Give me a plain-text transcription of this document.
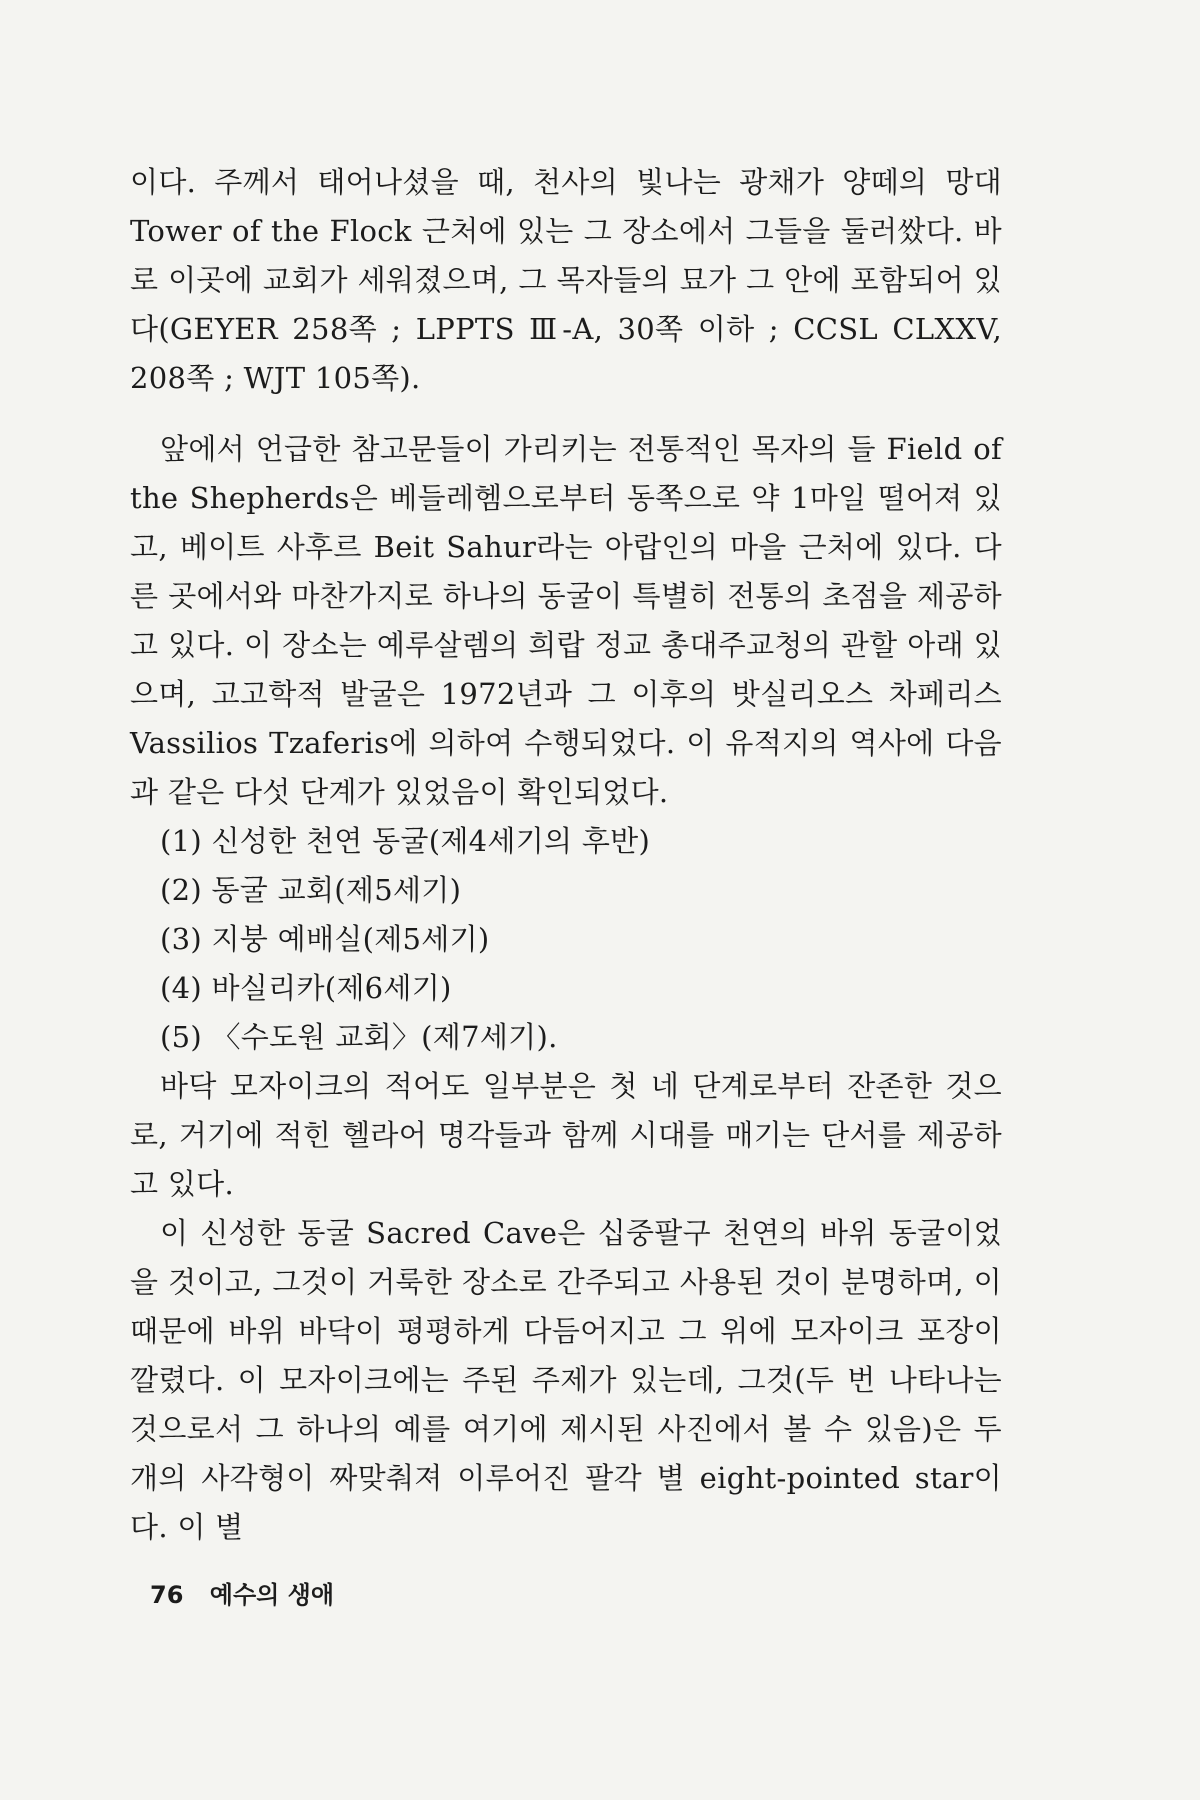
이다. 주께서 태어나셨을 때, 천사의 빛나는 광채가 양떼의 망대 Tower of the Flock 근처에 있는 그 장소에서 그들을 둘러쌌다. 바로 이곳에 교회가 세워졌으며, 그 목자들의 묘가 그 안에 포함되어 있다(GEYER 258쪽 ; LPPTS Ⅲ-A, 30쪽 이하 ; CCSL CLXXV, 208쪽 ; WJT 105쪽).

앞에서 언급한 참고문들이 가리키는 전통적인 목자의 들 Field of the Shepherds은 베들레헴으로부터 동쪽으로 약 1마일 떨어져 있고, 베이트 사후르 Beit Sahur라는 아랍인의 마을 근처에 있다. 다른 곳에서와 마찬가지로 하나의 동굴이 특별히 전통의 초점을 제공하고 있다. 이 장소는 예루살렘의 희랍 정교 총대주교청의 관할 아래 있으며, 고고학적 발굴은 1972년과 그 이후의 밧실리오스 차페리스 Vassilios Tzaferis에 의하여 수행되었다. 이 유적지의 역사에 다음과 같은 다섯 단계가 있었음이 확인되었다.

(1) 신성한 천연 동굴(제4세기의 후반)
(2) 동굴 교회(제5세기)
(3) 지붕 예배실(제5세기)
(4) 바실리카(제6세기)
(5) 〈수도원 교회〉(제7세기).

바닥 모자이크의 적어도 일부분은 첫 네 단계로부터 잔존한 것으로, 거기에 적힌 헬라어 명각들과 함께 시대를 매기는 단서를 제공하고 있다.

이 신성한 동굴 Sacred Cave은 십중팔구 천연의 바위 동굴이었을 것이고, 그것이 거룩한 장소로 간주되고 사용된 것이 분명하며, 이 때문에 바위 바닥이 평평하게 다듬어지고 그 위에 모자이크 포장이 깔렸다. 이 모자이크에는 주된 주제가 있는데, 그것(두 번 나타나는 것으로서 그 하나의 예를 여기에 제시된 사진에서 볼 수 있음)은 두 개의 사각형이 짜맞춰져 이루어진 팔각 별 eight-pointed star이다. 이 별

76 예수의 생애
